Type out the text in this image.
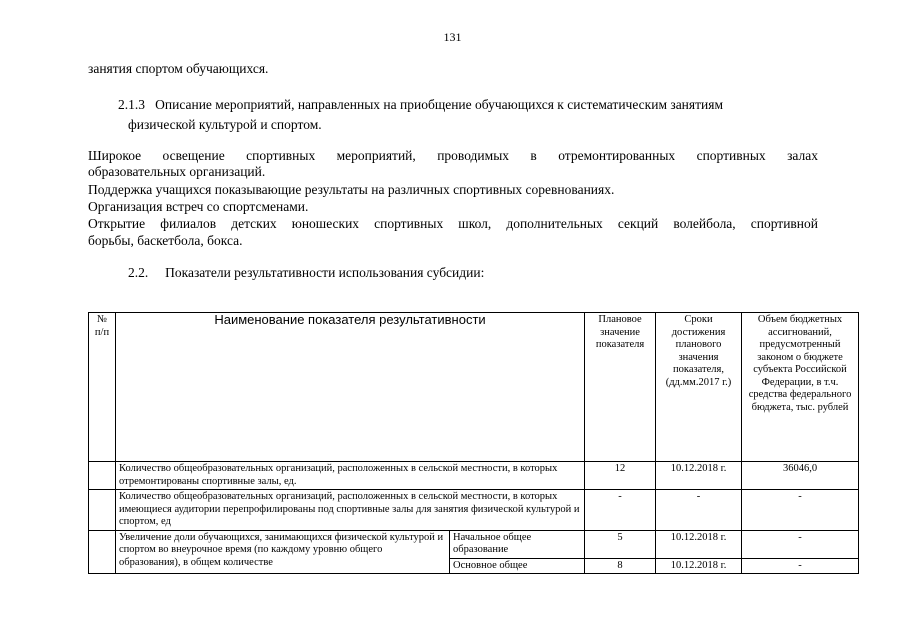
131
занятия спортом обучающихся.
2.1.3 Описание мероприятий, направленных на приобщение обучающихся к систематическим занятиям
физической культурой и спортом.
Широкое освещение спортивных мероприятий, проводимых в отремонтированных спортивных залах
образовательных организаций.
Поддержка учащихся показывающие результаты на различных спортивных соревнованиях.
Организация встреч со спортсменами.
Открытие филиалов детских юношеских спортивных школ, дополнительных секций волейбола, спортивной
борьбы, баскетбола, бокса.
2.2. Показатели результативности использования субсидии:
№ п/п	Наименование показателя результативности		Плановое значение показателя	Сроки достижения планового значения показателя, (дд.мм.2017 г.)	Объем бюджетных ассигнований, предусмотренный законом о бюджете субъекта Российской Федерации, в т.ч. средства федерального бюджета, тыс. рублей
	Количество общеобразовательных организаций, расположенных в сельской местности, в которых отремонтированы спортивные залы, ед.		12	10.12.2018 г.	36046,0
	Количество общеобразовательных организаций, расположенных в сельской местности, в которых имеющиеся аудитории перепрофилированы под спортивные залы для занятия физической культурой и спортом, ед		-	-	-
	Увеличение доли обучающихся, занимающихся физической культурой и спортом во внеурочное время (по каждому уровню общего образования), в общем количестве	Начальное общее образование	5	10.12.2018 г.	-
		Основное общее	8	10.12.2018 г.	-
